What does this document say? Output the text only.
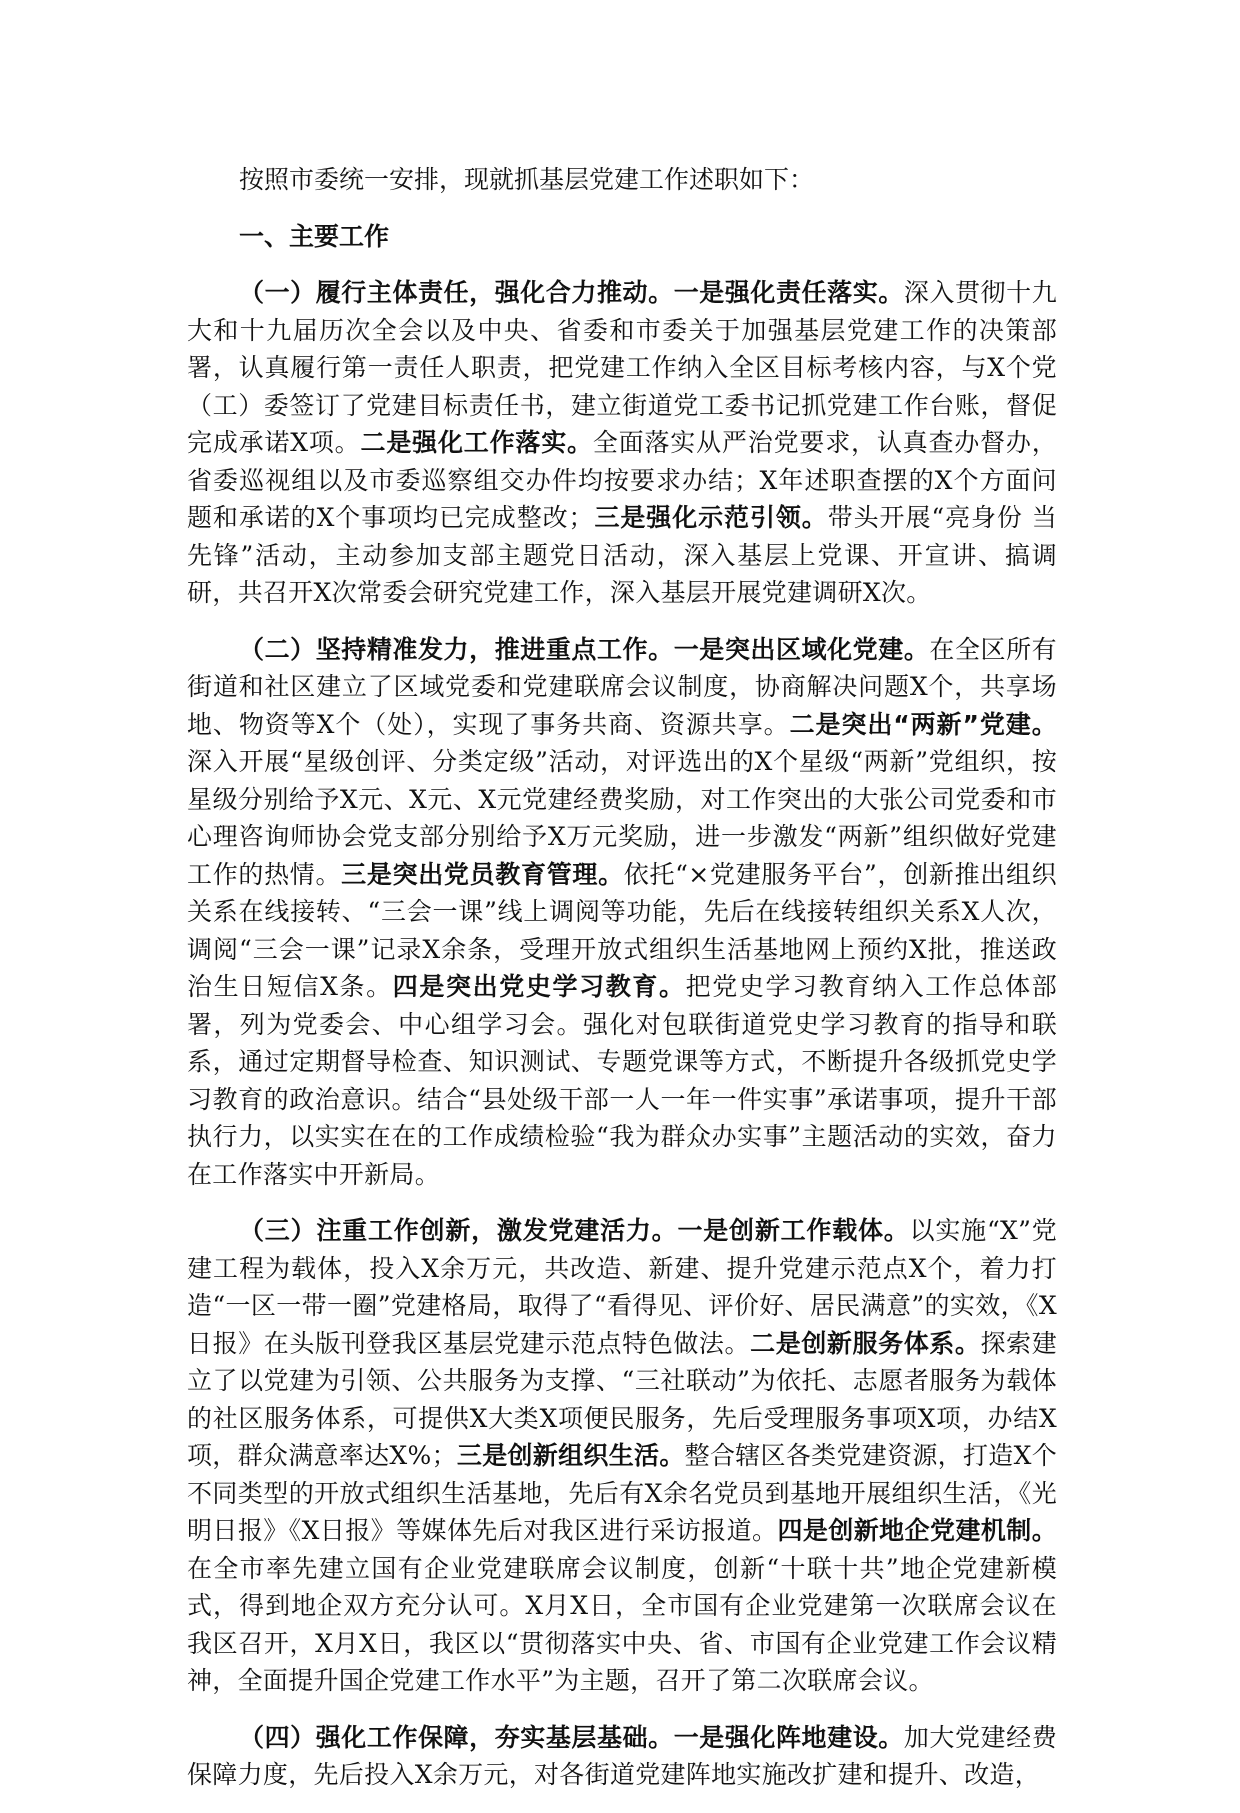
按照市委统一安排，现就抓基层党建工作述职如下：

一、主要工作

（一）履行主体责任，强化合力推动。一是强化责任落实。深入贯彻十九大和十九届历次全会以及中央、省委和市委关于加强基层党建工作的决策部署，认真履行第一责任人职责，把党建工作纳入全区目标考核内容，与X个党（工）委签订了党建目标责任书，建立街道党工委书记抓党建工作台账，督促完成承诺X项。二是强化工作落实。全面落实从严治党要求，认真查办督办，省委巡视组以及市委巡察组交办件均按要求办结；X年述职查摆的X个方面问题和承诺的X个事项均已完成整改；三是强化示范引领。带头开展“亮身份 当先锋”活动，主动参加支部主题党日活动，深入基层上党课、开宣讲、搞调研，共召开X次常委会研究党建工作，深入基层开展党建调研X次。

（二）坚持精准发力，推进重点工作。一是突出区域化党建。在全区所有街道和社区建立了区域党委和党建联席会议制度，协商解决问题X个，共享场地、物资等X个（处），实现了事务共商、资源共享。二是突出“两新”党建。深入开展“星级创评、分类定级”活动，对评选出的X个星级“两新”党组织，按星级分别给予X元、X元、X元党建经费奖励，对工作突出的大张公司党委和市心理咨询师协会党支部分别给予X万元奖励，进一步激发“两新”组织做好党建工作的热情。三是突出党员教育管理。依托“×党建服务平台”，创新推出组织关系在线接转、“三会一课”线上调阅等功能，先后在线接转组织关系X人次，调阅“三会一课”记录X余条，受理开放式组织生活基地网上预约X批，推送政治生日短信X条。四是突出党史学习教育。把党史学习教育纳入工作总体部署，列为党委会、中心组学习会。强化对包联街道党史学习教育的指导和联系，通过定期督导检查、知识测试、专题党课等方式，不断提升各级抓党史学习教育的政治意识。结合“县处级干部一人一年一件实事”承诺事项，提升干部执行力，以实实在在的工作成绩检验“我为群众办实事”主题活动的实效，奋力在工作落实中开新局。

（三）注重工作创新，激发党建活力。一是创新工作载体。以实施“X”党建工程为载体，投入X余万元，共改造、新建、提升党建示范点X个，着力打造“一区一带一圈”党建格局，取得了“看得见、评价好、居民满意”的实效，《X日报》在头版刊登我区基层党建示范点特色做法。二是创新服务体系。探索建立了以党建为引领、公共服务为支撑、“三社联动”为依托、志愿者服务为载体的社区服务体系，可提供X大类X项便民服务，先后受理服务事项X项，办结X项，群众满意率达X%；三是创新组织生活。整合辖区各类党建资源，打造X个不同类型的开放式组织生活基地，先后有X余名党员到基地开展组织生活，《光明日报》《X日报》等媒体先后对我区进行采访报道。四是创新地企党建机制。在全市率先建立国有企业党建联席会议制度，创新“十联十共”地企党建新模式，得到地企双方充分认可。X月X日，全市国有企业党建第一次联席会议在我区召开，X月X日，我区以“贯彻落实中央、省、市国有企业党建工作会议精神，全面提升国企党建工作水平”为主题，召开了第二次联席会议。

（四）强化工作保障，夯实基层基础。一是强化阵地建设。加大党建经费保障力度，先后投入X余万元，对各街道党建阵地实施改扩建和提升、改造，
